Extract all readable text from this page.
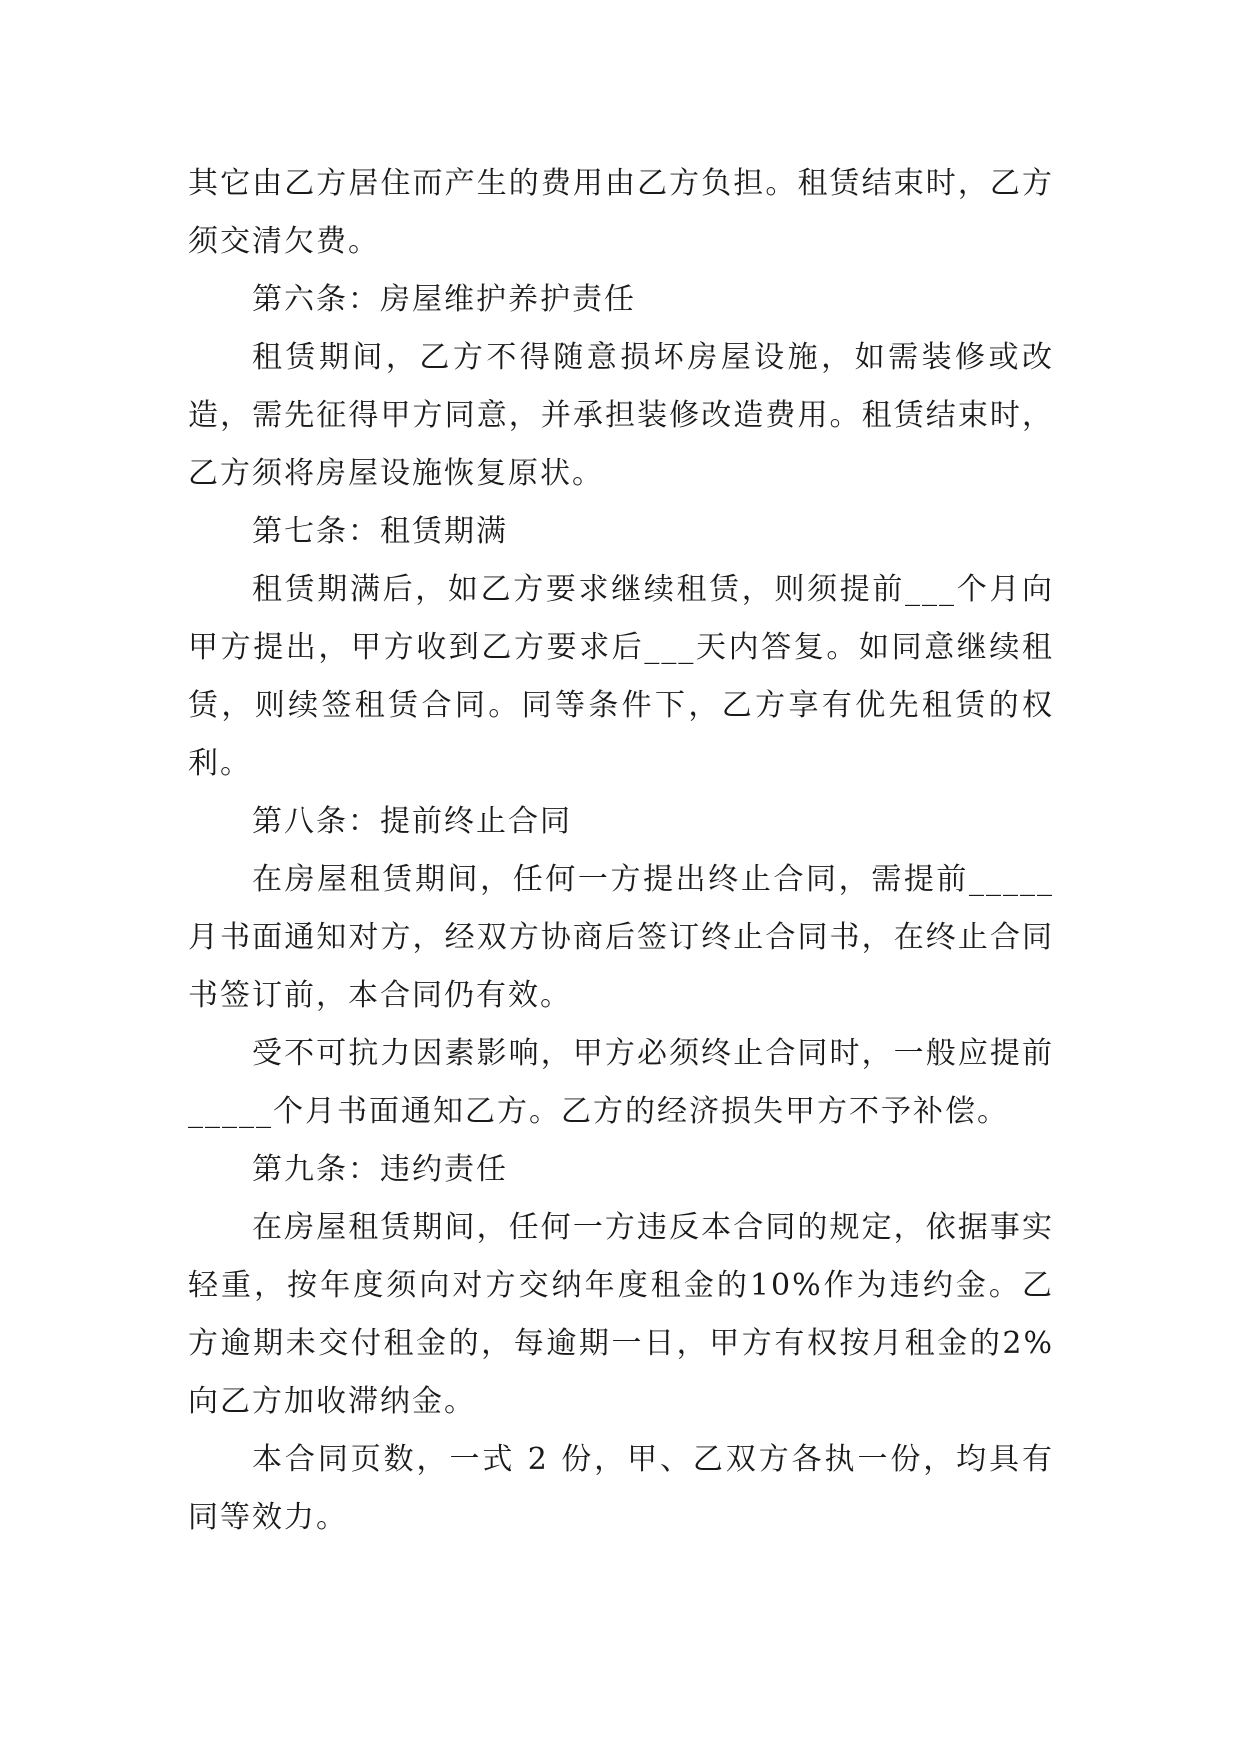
其它由乙方居住而产生的费用由乙方负担。租赁结束时，乙方须交清欠费。

第六条：房屋维护养护责任

租赁期间，乙方不得随意损坏房屋设施，如需装修或改造，需先征得甲方同意，并承担装修改造费用。租赁结束时，乙方须将房屋设施恢复原状。

第七条：租赁期满

租赁期满后，如乙方要求继续租赁，则须提前___个月向甲方提出，甲方收到乙方要求后___天内答复。如同意继续租赁，则续签租赁合同。同等条件下，乙方享有优先租赁的权利。

第八条：提前终止合同

在房屋租赁期间，任何一方提出终止合同，需提前_____月书面通知对方，经双方协商后签订终止合同书，在终止合同书签订前，本合同仍有效。

受不可抗力因素影响，甲方必须终止合同时，一般应提前_____个月书面通知乙方。乙方的经济损失甲方不予补偿。

第九条：违约责任

在房屋租赁期间，任何一方违反本合同的规定，依据事实轻重，按年度须向对方交纳年度租金的10%作为违约金。乙方逾期未交付租金的，每逾期一日，甲方有权按月租金的2%向乙方加收滞纳金。

本合同页数，一式 2 份，甲、乙双方各执一份，均具有同等效力。
